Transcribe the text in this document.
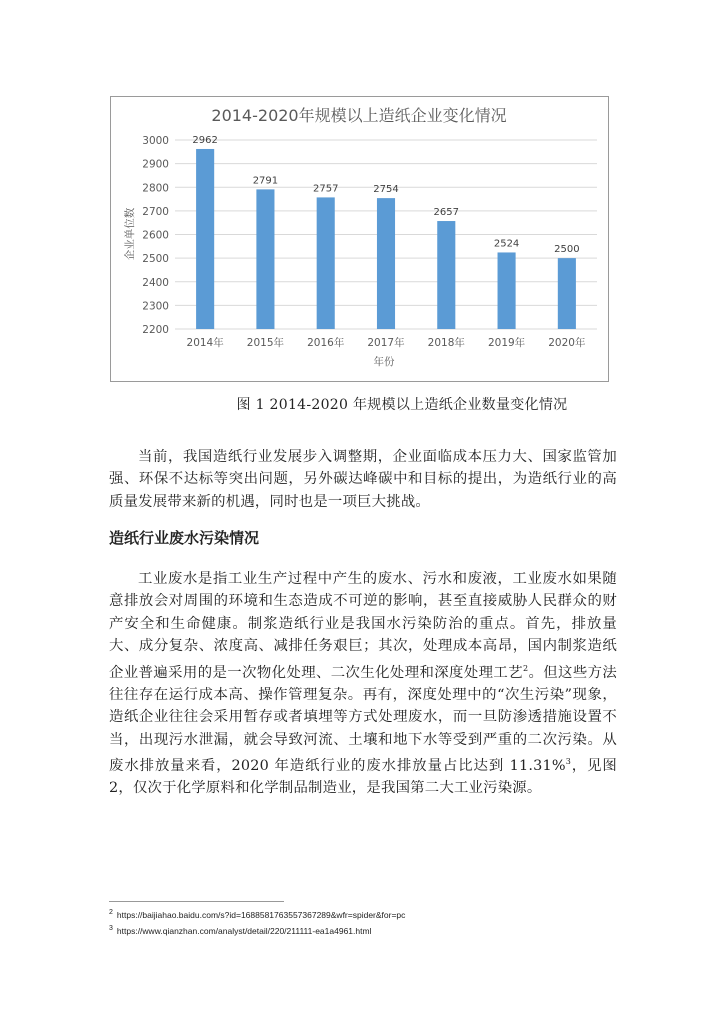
2014-2020年规模以上造纸企业变化情况
2200
2300
2400
2500
2600
2700
2800
2900
3000 2962
2014年
2791
2015年
2757
2016年
2754
2017年
2657
2018年
2524
2019年
2500
2020年
年份
企业单位数
图 1 2014-2020 年规模以上造纸企业数量变化情况

当前，我国造纸行业发展步入调整期，企业面临成本压力大、国家监管加强、环保不达标等突出问题，另外碳达峰碳中和目标的提出，为造纸行业的高质量发展带来新的机遇，同时也是一项巨大挑战。

造纸行业废水污染情况

工业废水是指工业生产过程中产生的废水、污水和废液，工业废水如果随意排放会对周围的环境和生态造成不可逆的影响，甚至直接威胁人民群众的财产安全和生命健康。制浆造纸行业是我国水污染防治的重点。首先，排放量大、成分复杂、浓度高、减排任务艰巨；其次，处理成本高昂，国内制浆造纸企业普遍采用的是一次物化处理、二次生化处理和深度处理工艺$^2$。但这些方法往往存在运行成本高、操作管理复杂。再有，深度处理中的“次生污染”现象，造纸企业往往会采用暂存或者填埋等方式处理废水，而一旦防渗透措施设置不当，出现污水泄漏，就会导致河流、土壤和地下水等受到严重的二次污染。从废水排放量来看，2020 年造纸行业的废水排放量占比达到 11.31%$^3$，见图 2，仅次于化学原料和化学制品制造业，是我国第二大工业污染源。

$^2$ https://baijiahao.baidu.com/s?id=1688581763557367289&wfr=spider&for=pc
$^3$ https://www.qianzhan.com/analyst/detail/220/211111-ea1a4961.html
